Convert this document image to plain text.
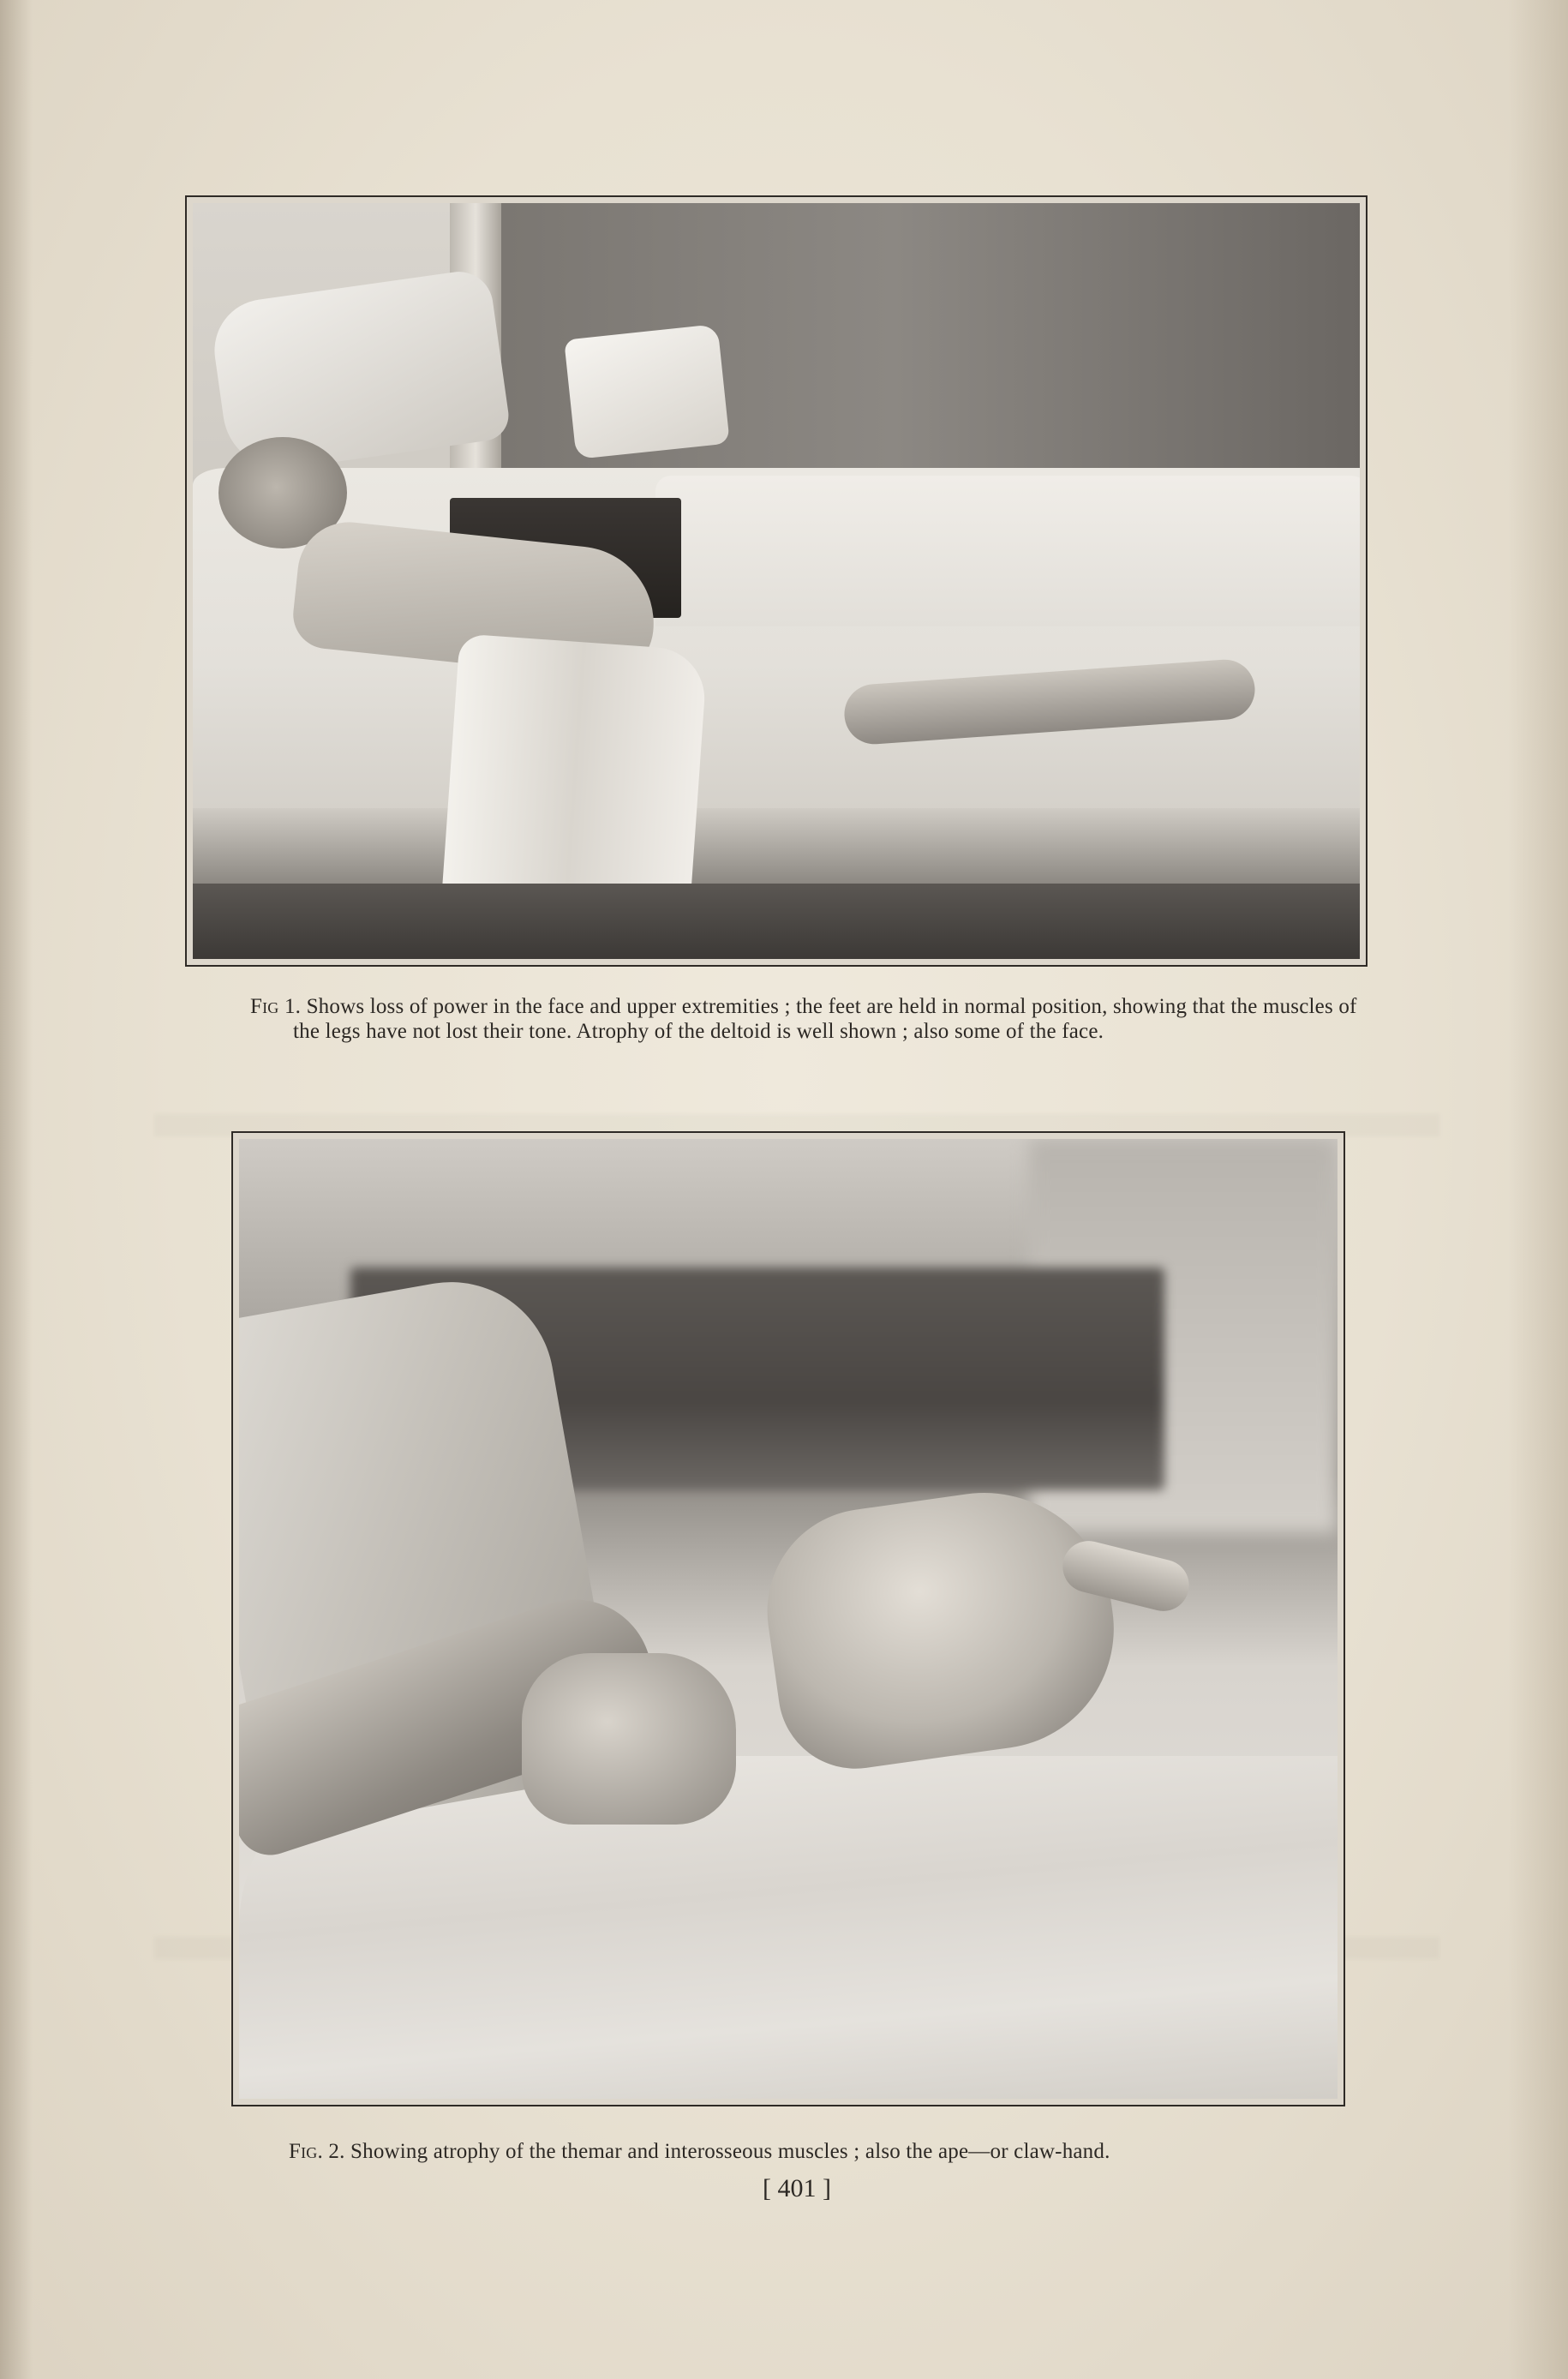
Fig 1. Shows loss of power in the face and upper extremities ; the feet are held in normal position, showing that the muscles of the legs have not lost their tone. Atrophy of the deltoid is well shown ; also some of the face.
Fig. 2. Showing atrophy of the themar and interosseous muscles ; also the ape—or claw-hand.
[ 401 ]
